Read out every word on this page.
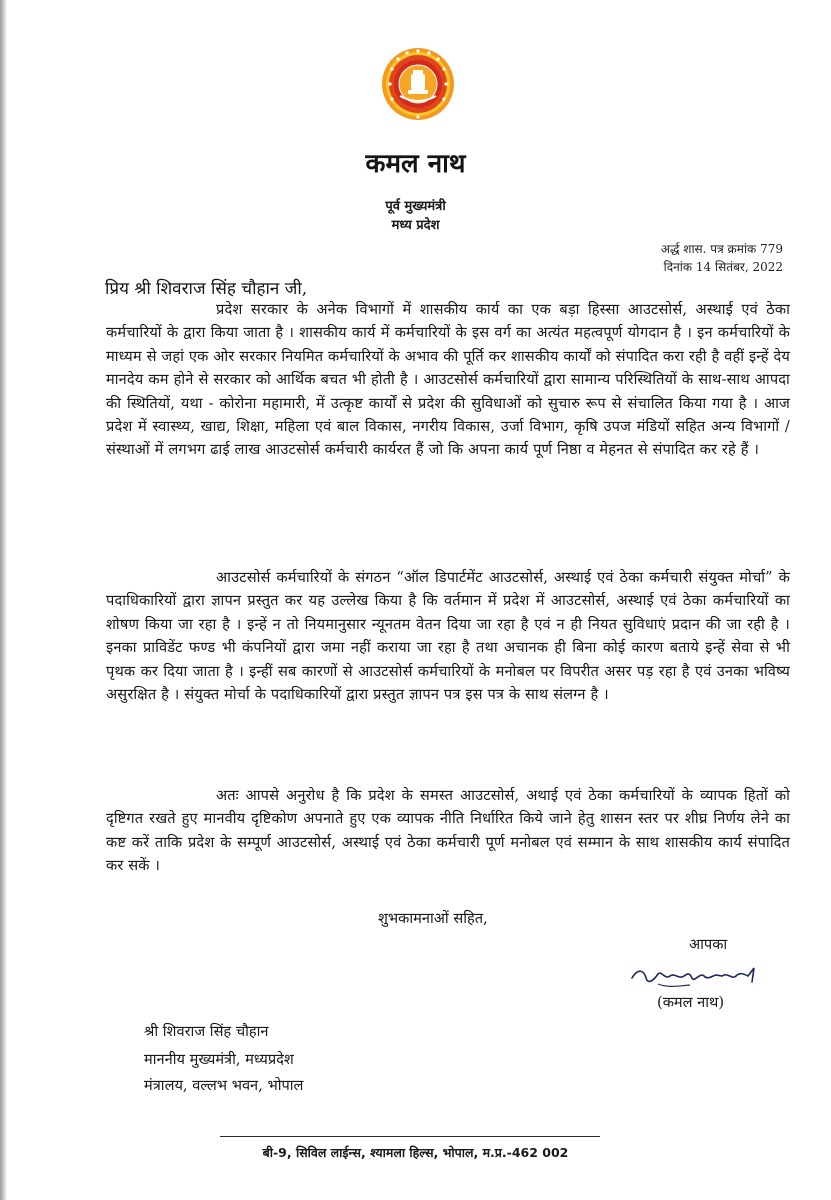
कमल नाथ
पूर्व मुख्यमंत्री
मध्य प्रदेश
अर्द्ध शास. पत्र क्रमांक 779
दिनांक 14 सितंबर, 2022
प्रिय श्री शिवराज सिंह चौहान जी,

प्रदेश सरकार के अनेक विभागों में शासकीय कार्य का एक बड़ा हिस्सा आउटसोर्स, अस्थाई एवं ठेका कर्मचारियों के द्वारा किया जाता है । शासकीय कार्य में कर्मचारियों के इस वर्ग का अत्यंत महत्वपूर्ण योगदान है । इन कर्मचारियों के माध्यम से जहां एक ओर सरकार नियमित कर्मचारियों के अभाव की पूर्ति कर शासकीय कार्यों को संपादित करा रही है वहीं इन्हें देय मानदेय कम होने से सरकार को आर्थिक बचत भी होती है । आउटसोर्स कर्मचारियों द्वारा सामान्य परिस्थितियों के साथ-साथ आपदा की स्थितियों, यथा - कोरोना महामारी, में उत्कृष्ट कार्यों से प्रदेश की सुविधाओं को सुचारु रूप से संचालित किया गया है । आज प्रदेश में स्वास्थ्य, खाद्य, शिक्षा, महिला एवं बाल विकास, नगरीय विकास, उर्जा विभाग, कृषि उपज मंडियों सहित अन्य विभागों / संस्थाओं में लगभग ढाई लाख आउटसोर्स कर्मचारी कार्यरत हैं जो कि अपना कार्य पूर्ण निष्ठा व मेहनत से संपादित कर रहे हैं ।

आउटसोर्स कर्मचारियों के संगठन “ऑल डिपार्टमेंट आउटसोर्स, अस्थाई एवं ठेका कर्मचारी संयुक्त मोर्चा” के पदाधिकारियों द्वारा ज्ञापन प्रस्तुत कर यह उल्लेख किया है कि वर्तमान में प्रदेश में आउटसोर्स, अस्थाई एवं ठेका कर्मचारियों का शोषण किया जा रहा है । इन्हें न तो नियमानुसार न्यूनतम वेतन दिया जा रहा है एवं न ही नियत सुविधाएं प्रदान की जा रही है । इनका प्राविडेंट फण्ड भी कंपनियों द्वारा जमा नहीं कराया जा रहा है तथा अचानक ही बिना कोई कारण बताये इन्हें सेवा से भी पृथक कर दिया जाता है । इन्हीं सब कारणों से आउटसोर्स कर्मचारियों के मनोबल पर विपरीत असर पड़ रहा है एवं उनका भविष्य असुरक्षित है । संयुक्त मोर्चा के पदाधिकारियों द्वारा प्रस्तुत ज्ञापन पत्र इस पत्र के साथ संलग्न है ।

अतः आपसे अनुरोध है कि प्रदेश के समस्त आउटसोर्स, अथाई एवं ठेका कर्मचारियों के व्यापक हितों को दृष्टिगत रखते हुए मानवीय दृष्टिकोण अपनाते हुए एक व्यापक नीति निर्धारित किये जाने हेतु शासन स्तर पर शीघ्र निर्णय लेने का कष्ट करें ताकि प्रदेश के सम्पूर्ण आउटसोर्स, अस्थाई एवं ठेका कर्मचारी पूर्ण मनोबल एवं सम्मान के साथ शासकीय कार्य संपादित कर सकें ।

शुभकामनाओं सहित,
आपका
(कमल नाथ)
श्री शिवराज सिंह चौहान
माननीय मुख्यमंत्री, मध्यप्रदेश
मंत्रालय, वल्लभ भवन, भोपाल
बी-9, सिविल लाईन्स, श्यामला हिल्स, भोपाल, म.प्र.-462 002
